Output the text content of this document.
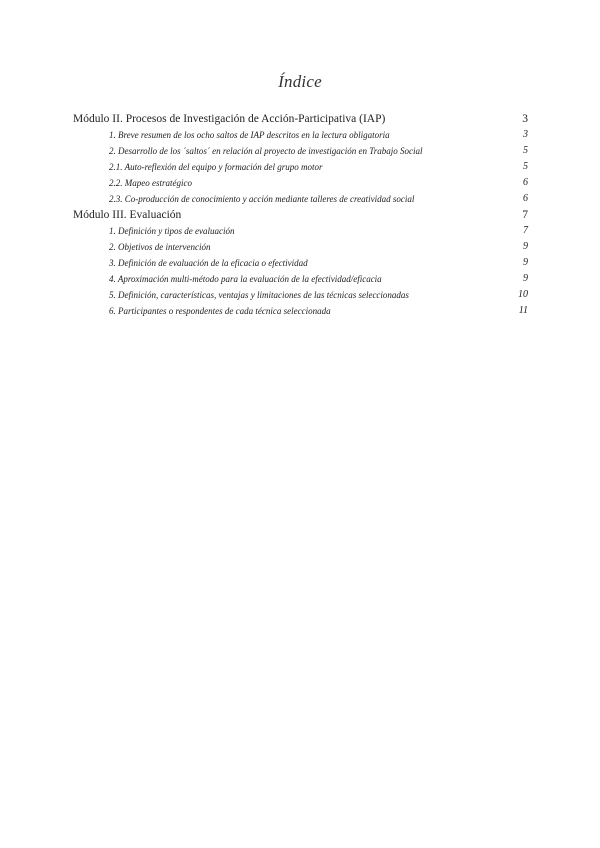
Índice
Módulo II. Procesos de Investigación de Acción-Participativa (IAP)	3
1. Breve resumen de los ocho saltos de IAP descritos en la lectura obligatoria	3
2. Desarrollo de los ´saltos´ en relación al proyecto de investigación en Trabajo Social	5
2.1. Auto-reflexión del equipo y formación del grupo motor	5
2.2. Mapeo estratégico	6
2.3. Co-producción de conocimiento y acción mediante talleres de creatividad social	6
Módulo III. Evaluación	7
1. Definición y tipos de evaluación	7
2. Objetivos de intervención	9
3. Definición de evaluación de la eficacia o efectividad	9
4. Aproximación multi-método para la evaluación de la efectividad/eficacia	9
5. Definición, características, ventajas y limitaciones de las técnicas seleccionadas	10
6. Participantes o respondentes de cada técnica seleccionada	11
